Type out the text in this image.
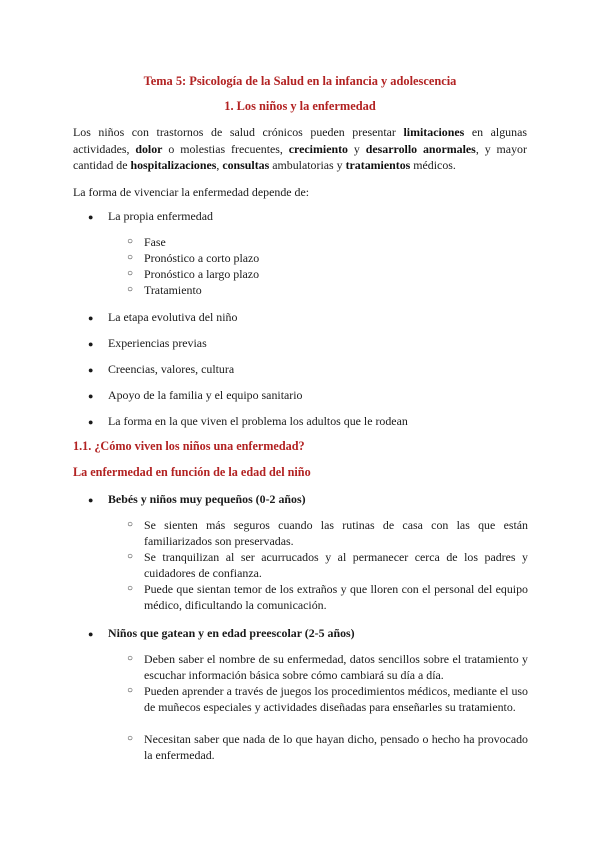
Tema 5: Psicología de la Salud en la infancia y adolescencia
1. Los niños y la enfermedad
Los niños con trastornos de salud crónicos pueden presentar limitaciones en algunas actividades, dolor o molestias frecuentes, crecimiento y desarrollo anormales, y mayor cantidad de hospitalizaciones, consultas ambulatorias y tratamientos médicos.
La forma de vivenciar la enfermedad depende de:
● La propia enfermedad
○ Fase
○ Pronóstico a corto plazo
○ Pronóstico a largo plazo
○ Tratamiento
● La etapa evolutiva del niño
● Experiencias previas
● Creencias, valores, cultura
● Apoyo de la familia y el equipo sanitario
● La forma en la que viven el problema los adultos que le rodean
1.1. ¿Cómo viven los niños una enfermedad?
La enfermedad en función de la edad del niño
● Bebés y niños muy pequeños (0-2 años)
○ Se sienten más seguros cuando las rutinas de casa con las que están familiarizados son preservadas.
○ Se tranquilizan al ser acurrucados y al permanecer cerca de los padres y cuidadores de confianza.
○ Puede que sientan temor de los extraños y que lloren con el personal del equipo médico, dificultando la comunicación.
● Niños que gatean y en edad preescolar (2-5 años)
○ Deben saber el nombre de su enfermedad, datos sencillos sobre el tratamiento y escuchar información básica sobre cómo cambiará su día a día.
○ Pueden aprender a través de juegos los procedimientos médicos, mediante el uso de muñecos especiales y actividades diseñadas para enseñarles su tratamiento.
○ Necesitan saber que nada de lo que hayan dicho, pensado o hecho ha provocado la enfermedad.
